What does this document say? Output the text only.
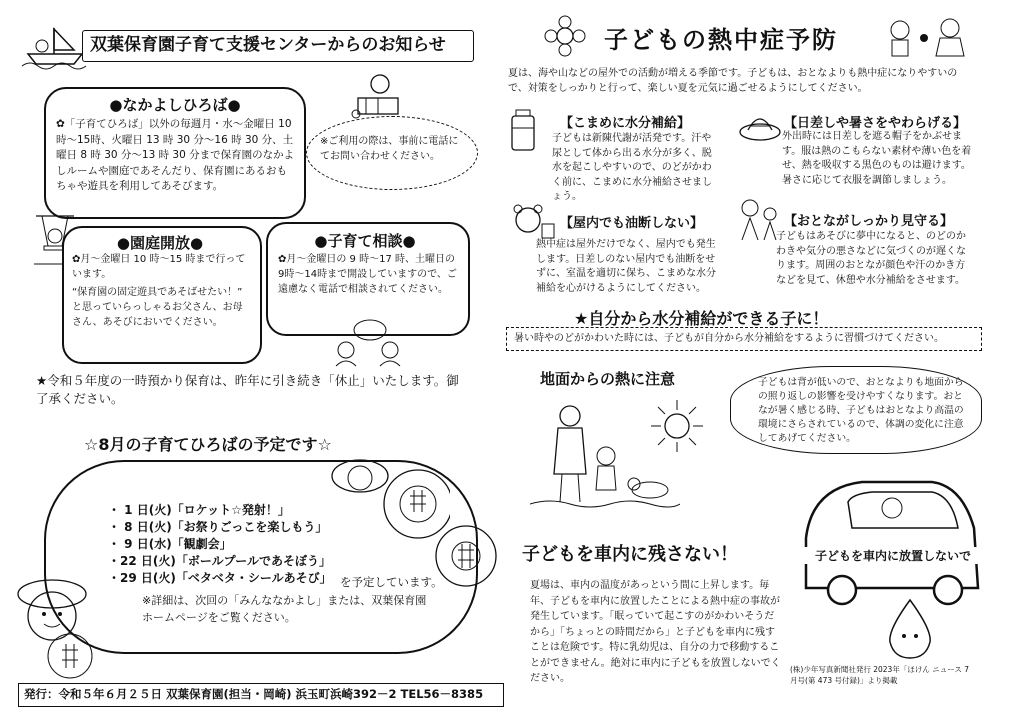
双葉保育園子育て支援センターからのお知らせ
●なかよしひろば●
✿「子育てひろば」以外の毎週月・水～金曜日 10時～15時、火曜日 13 時 30 分～16 時 30 分、土曜日 8 時 30 分～13 時 30 分まで保育園のなかよしルームや園庭であそんだり、保育園にあるおもちゃや遊具を利用してあそびます。
※ご利用の際は、事前に電話にてお問い合わせください。
●園庭開放●
✿月～金曜日 10 時～15 時まで行っています。
“保育園の固定遊具であそばせたい！” と思っていらっしゃるお父さん、お母さん、あそびにおいでください。
●子育て相談●
✿月～金曜日の 9 時～17 時、土曜日の 9時～14時まで開設していますので、ご遠慮なく電話で相談されてください。
★令和５年度の一時預かり保育は、昨年に引き続き「休止」いたします。御了承ください。
☆8月の子育てひろばの予定です☆
・ 1 日(火)「ロケット☆発射！」
・ 8 日(火)「お祭りごっこを楽しもう」
・ 9 日(水)「観劇会」
・22 日(火)「ボールプールであそぼう」
・29 日(火)「ベタベタ・シールあそび」 を予定しています。
※詳細は、次回の「みんななかよし」または、双葉保育園ホームページをご覧ください。
発行：令和５年６月２５日 双葉保育園(担当・岡崎) 浜玉町浜崎392－2 TEL56－8385
子どもの熱中症予防
夏は、海や山などの屋外での活動が増える季節です。子どもは、おとなよりも熱中症になりやすいので、対策をしっかりと行って、楽しい夏を元気に過ごせるようにしてください。
【こまめに水分補給】
子どもは新陳代謝が活発です。汗や尿として体から出る水分が多く、脱水を起こしやすいので、のどがかわく前に、こまめに水分補給させましょう。
【日差しや暑さをやわらげる】
外出時には日差しを遮る帽子をかぶせます。服は熱のこもらない素材や薄い色を着せ、熱を吸収する黒色のものは避けます。暑さに応じて衣服を調節しましょう。
【屋内でも油断しない】
熱中症は屋外だけでなく、屋内でも発生します。日差しのない屋内でも油断をせずに、室温を適切に保ち、こまめな水分補給を心がけるようにしてください。
【おとながしっかり見守る】
子どもはあそびに夢中になると、のどのかわきや気分の悪さなどに気づくのが遅くなります。周囲のおとなが顔色や汗のかき方などを見て、休憩や水分補給をさせます。
★自分から水分補給ができる子に！
暑い時やのどがかわいた時には、子どもが自分から水分補給をするように習慣づけてください。
地面からの熱に注意	子どもは背が低いので、おとなよりも地面からの照り返しの影響を受けやすくなります。おとなが暑く感じる時、子どもはおとなより高温の環境にさらされているので、体調の変化に注意してあげてください。
子どもを車内に残さない！
夏場は、車内の温度があっという間に上昇します。毎年、子どもを車内に放置したことによる熱中症の事故が発生しています。「眠っていて起こすのがかわいそうだから」「ちょっとの時間だから」と子どもを車内に残すことは危険です。特に乳幼児は、自分の力で移動することができません。絶対に車内に子どもを放置しないでください。
子どもを車内に放置しないで
(株)少年写真新聞社発行 2023年「ほけん ニュース 7 月号(第 473 号付録)」より掲載
